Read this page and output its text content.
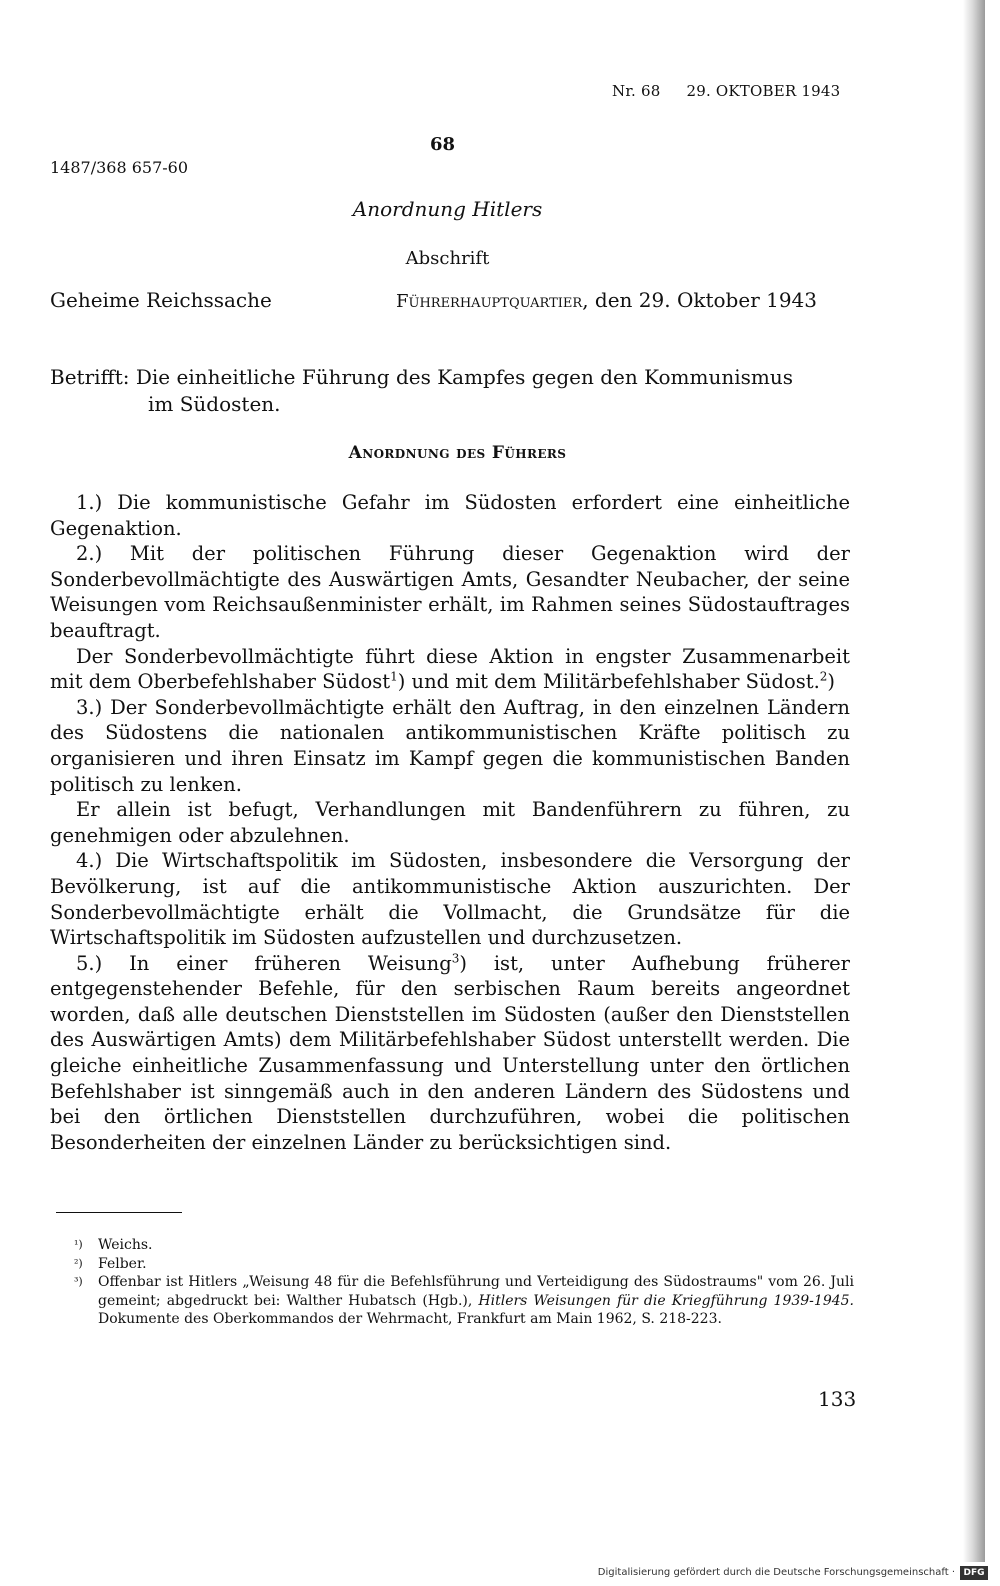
Nr. 68 29. OKTOBER 1943
68
1487/368 657-60
Anordnung Hitlers
Abschrift
Geheime Reichssache	Führerhauptquartier, den 29. Oktober 1943
Betrifft: Die einheitliche Führung des Kampfes gegen den Kommunismus
im Südosten.
Anordnung des Führers

1.) Die kommunistische Gefahr im Südosten erfordert eine einheitliche Gegenaktion.

2.) Mit der politischen Führung dieser Gegenaktion wird der Sonderbevollmächtigte des Auswärtigen Amts, Gesandter Neubacher, der seine Weisungen vom Reichsaußenminister erhält, im Rahmen seines Südostauftrages beauftragt.

Der Sonderbevollmächtigte führt diese Aktion in engster Zusammenarbeit mit dem Oberbefehlshaber Südost$^1$) und mit dem Militärbefehlshaber Südost.$^2$)

3.) Der Sonderbevollmächtigte erhält den Auftrag, in den einzelnen Ländern des Südostens die nationalen antikommunistischen Kräfte politisch zu organisieren und ihren Einsatz im Kampf gegen die kommunistischen Banden politisch zu lenken.

Er allein ist befugt, Verhandlungen mit Bandenführern zu führen, zu genehmigen oder abzulehnen.

4.) Die Wirtschaftspolitik im Südosten, insbesondere die Versorgung der Bevölkerung, ist auf die antikommunistische Aktion auszurichten. Der Sonderbevollmächtigte erhält die Vollmacht, die Grundsätze für die Wirtschaftspolitik im Südosten aufzustellen und durchzusetzen.

5.) In einer früheren Weisung$^3$) ist, unter Aufhebung früherer entgegenstehender Befehle, für den serbischen Raum bereits angeordnet worden, daß alle deutschen Dienststellen im Südosten (außer den Dienststellen des Auswärtigen Amts) dem Militärbefehlshaber Südost unterstellt werden. Die gleiche einheitliche Zusammenfassung und Unterstellung unter den örtlichen Befehlshaber ist sinngemäß auch in den anderen Ländern des Südostens und bei den örtlichen Dienststellen durchzuführen, wobei die politischen Besonderheiten der einzelnen Länder zu berücksichtigen sind.

¹)	Weichs.
²)	Felber.
³)	Offenbar ist Hitlers „Weisung 48 für die Befehlsführung und Verteidigung des Südostraums" vom 26. Juli gemeint; abgedruckt bei: Walther Hubatsch (Hgb.), Hitlers Weisungen für die Kriegführung 1939-1945. Dokumente des Oberkommandos der Wehrmacht, Frankfurt am Main 1962, S. 218-223.
133
Digitalisierung gefördert durch die Deutsche Forschungsgemeinschaft · DFG
